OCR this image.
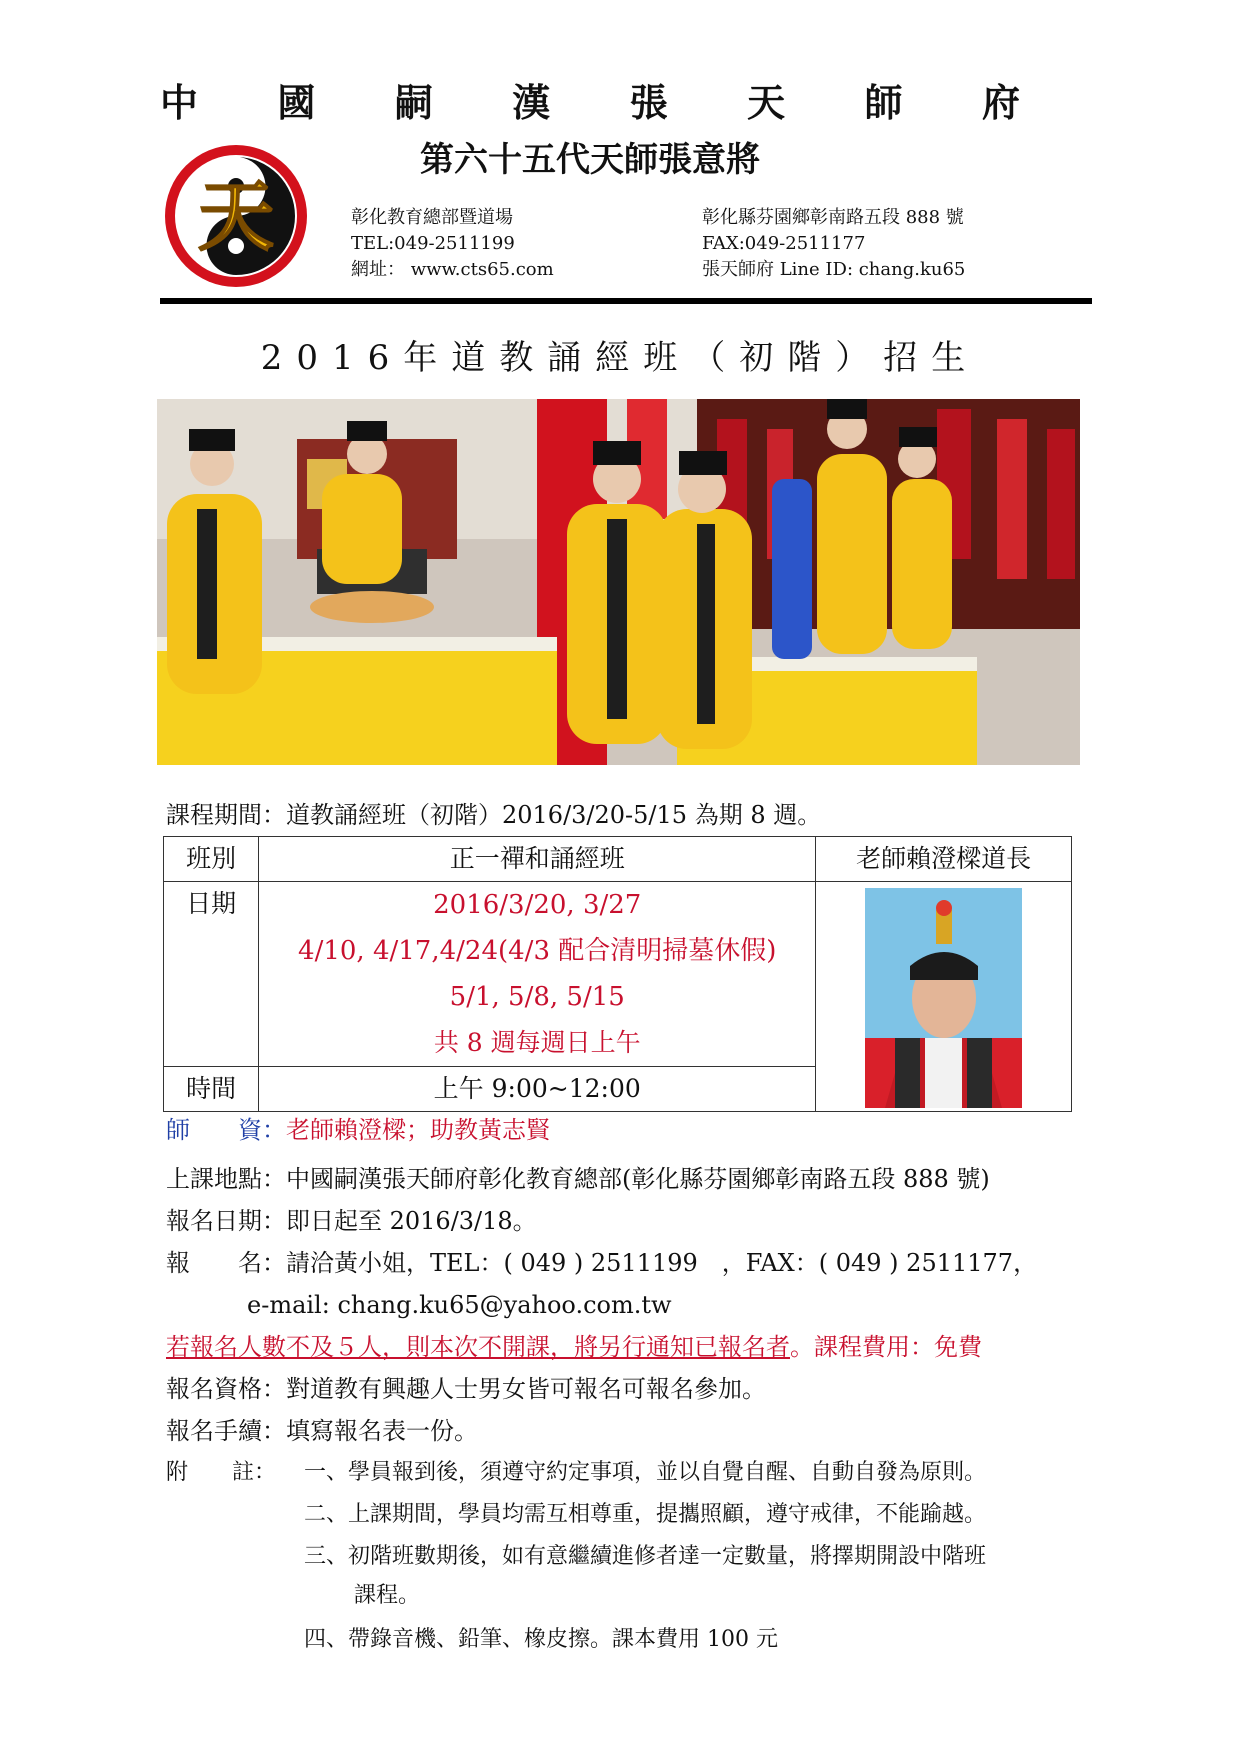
中 國 嗣 漢 張 天 師 府
第六十五代天師張意將
天	彰化教育總部暨道場
TEL:049-2511199
網址： www.cts65.com
彰化縣芬園鄉彰南路五段 888 號
FAX:049-2511177
張天師府 Line ID: chang.ku65
2016年道教誦經班（初階）招生
課程期間：道教誦經班（初階）2016/3/20-5/15 為期 8 週。
班別	正一禪和誦經班	老師賴澄樑道長
日期	2016/3/20, 3/27
4/10, 4/17,4/24(4/3 配合清明掃墓休假)
5/1, 5/8, 5/15
共 8 週每週日上午

時間	上午 9:00~12:00	
師　　資：老師賴澄樑；助教黃志賢
上課地點：中國嗣漢張天師府彰化教育總部(彰化縣芬園鄉彰南路五段 888 號)
報名日期：即日起至 2016/3/18。
報　　名：請洽黃小姐，TEL：( 049 ) 2511199　，FAX：( 049 ) 2511177，
e-mail: chang.ku65@yahoo.com.tw
若報名人數不及５人，則本次不開課，將另行通知已報名者。課程費用：免費
報名資格：對道教有興趣人士男女皆可報名可報名參加。
報名手續：填寫報名表一份。
附　　註： 一、學員報到後，須遵守約定事項，並以自覺自醒、自動自發為原則。
二、上課期間，學員均需互相尊重，提攜照顧，遵守戒律，不能踰越。
三、初階班數期後，如有意繼續進修者達一定數量，將擇期開設中階班
課程。
四、帶錄音機、鉛筆、橡皮擦。課本費用 100 元
